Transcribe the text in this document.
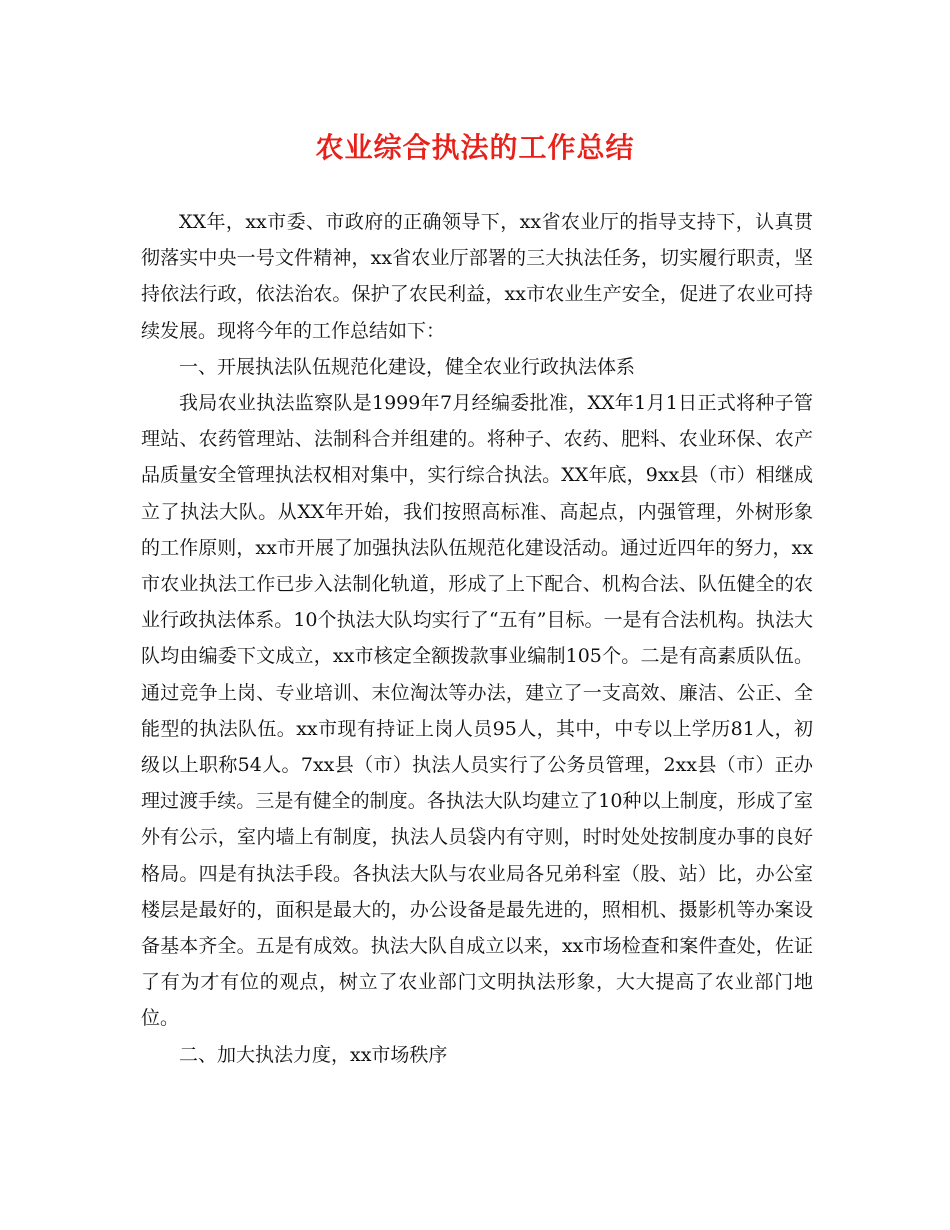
农业综合执法的工作总结

XX年，xx市委、市政府的正确领导下，xx省农业厅的指导支持下，认真贯彻落实中央一号文件精神，xx省农业厅部署的三大执法任务，切实履行职责，坚持依法行政，依法治农。保护了农民利益，xx市农业生产安全，促进了农业可持续发展。现将今年的工作总结如下：

一、开展执法队伍规范化建设，健全农业行政执法体系

我局农业执法监察队是1999年7月经编委批准，XX年1月1日正式将种子管理站、农药管理站、法制科合并组建的。将种子、农药、肥料、农业环保、农产品质量安全管理执法权相对集中，实行综合执法。XX年底，9xx县（市）相继成立了执法大队。从XX年开始，我们按照高标准、高起点，内强管理，外树形象的工作原则，xx市开展了加强执法队伍规范化建设活动。通过近四年的努力，xx市农业执法工作已步入法制化轨道，形成了上下配合、机构合法、队伍健全的农业行政执法体系。10个执法大队均实行了“五有”目标。一是有合法机构。执法大队均由编委下文成立，xx市核定全额拨款事业编制105个。二是有高素质队伍。通过竞争上岗、专业培训、末位淘汰等办法，建立了一支高效、廉洁、公正、全能型的执法队伍。xx市现有持证上岗人员95人，其中，中专以上学历81人，初级以上职称54人。7xx县（市）执法人员实行了公务员管理，2xx县（市）正办理过渡手续。三是有健全的制度。各执法大队均建立了10种以上制度，形成了室外有公示，室内墙上有制度，执法人员袋内有守则，时时处处按制度办事的良好格局。四是有执法手段。各执法大队与农业局各兄弟科室（股、站）比，办公室楼层是最好的，面积是最大的，办公设备是最先进的，照相机、摄影机等办案设备基本齐全。五是有成效。执法大队自成立以来，xx市场检查和案件查处，佐证了有为才有位的观点，树立了农业部门文明执法形象，大大提高了农业部门地位。

二、加大执法力度，xx市场秩序
